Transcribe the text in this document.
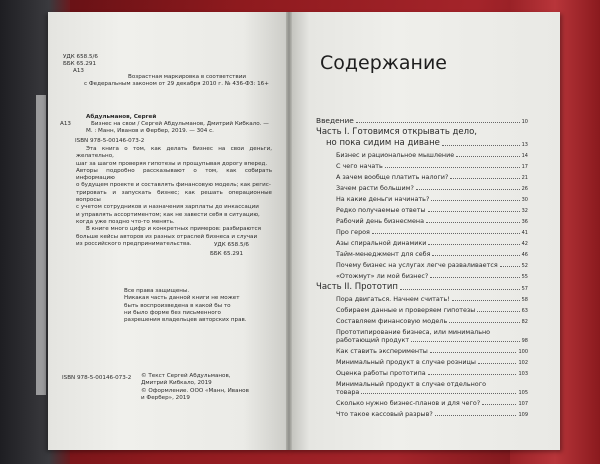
УДК 658.5/6
ББК 65.291
A13
Возрастная маркировка в соответствии
с Федеральным законом от 29 декабря 2010 г. № 436-ФЗ: 16+
A13
Абдульманов, Сергей
Бизнес на свои / Сергей Абдульманов, Дмитрий Кибкало. —
М. : Манн, Иванов и Фербер, 2019. — 304 с.
ISBN 978-5-00146-073-2

Эта книга о том, как делать бизнес на свои деньги, желательно,

шаг за шагом проверяя гипотезы и прощупывая дорогу вперед.
Авторы подробно рассказывают о том, как собирать информацию
о будущем проекте и составлять финансовую модель; как регис-
трировать и запускать бизнес; как решать операционные вопросы
с учетом сотрудников и назначения зарплаты до инкассации
и управлять ассортиментом; как не завести себя в ситуацию,
когда уже поздно что-то менять.

В книге много цифр и конкретных примеров: разбираются

больше кейсы авторов из разных отраслей бизнеса и случаи
из российского предпринимательства.	УДК 658.5/6
ББК 65.291
Все права защищены.
Никакая часть данной книги не может
быть воспроизведена в какой бы то
ни было форме без письменного
разрешения владельцев авторских прав.
ISBN 978-5-00146-073-2 © Текст Сергей Абдульманов,
Дмитрий Кибкало, 2019
© Оформление. ООО «Манн, Иванов
и Фербер», 2019
Содержание
Введение	10
Часть I. Готовимся открывать дело,
но пока сидим на диване	13
Бизнес и рациональное мышление	14
С чего начать	17
А зачем вообще платить налоги?	21
Зачем расти большим?	26
На какие деньги начинать?	30
Редко получаемые ответы	32
Рабочий день бизнесмена	36
Про героя	41
Азы спиральной динамики	42
Тайм-менеджмент для себя	46
Почему бизнес на услугах легче разваливается	52
«Отожмут» ли мой бизнес?	55
Часть II. Прототип	57
Пора двигаться. Начнем считать!	58
Собираем данные и проверяем гипотезы	63
Составляем финансовую модель	82
Прототипирование бизнеса, или минимально
работающий продукт	98
Как ставить эксперименты	100
Минимальный продукт в случае розницы	102
Оценка работы прототипа	103
Минимальный продукт в случае отдельного
товара	105
Сколько нужно бизнес-планов и для чего?	107
Что такое кассовый разрыв?	109
